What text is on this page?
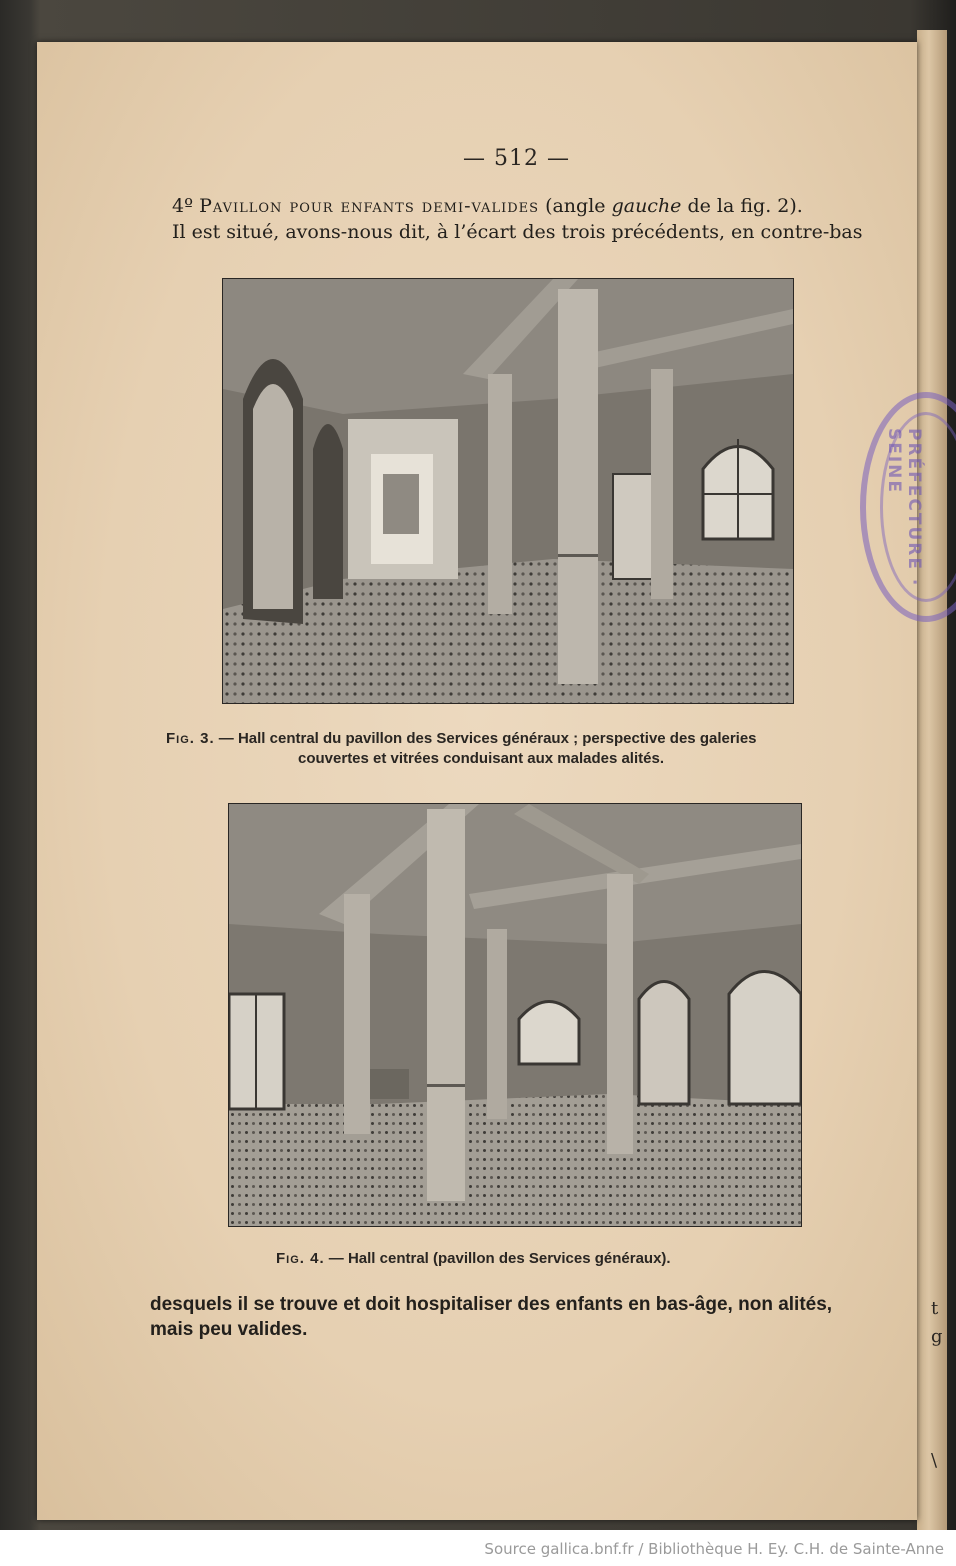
t
g
\
— 512 —
4º Pavillon pour enfants demi-valides (angle gauche de la fig. 2).
Il est situé, avons-nous dit, à l’écart des trois précédents, en contre-bas
Fig. 3. — Hall central du pavillon des Services généraux ; perspective des galeries
couvertes et vitrées conduisant aux malades alités.
Fig. 4. — Hall central (pavillon des Services généraux).
desquels il se trouve et doit hospitaliser des enfants en bas-âge, non alités,
mais peu valides.
PRÉFECTURE · SEINE
Source gallica.bnf.fr / Bibliothèque H. Ey. C.H. de Sainte-Anne
